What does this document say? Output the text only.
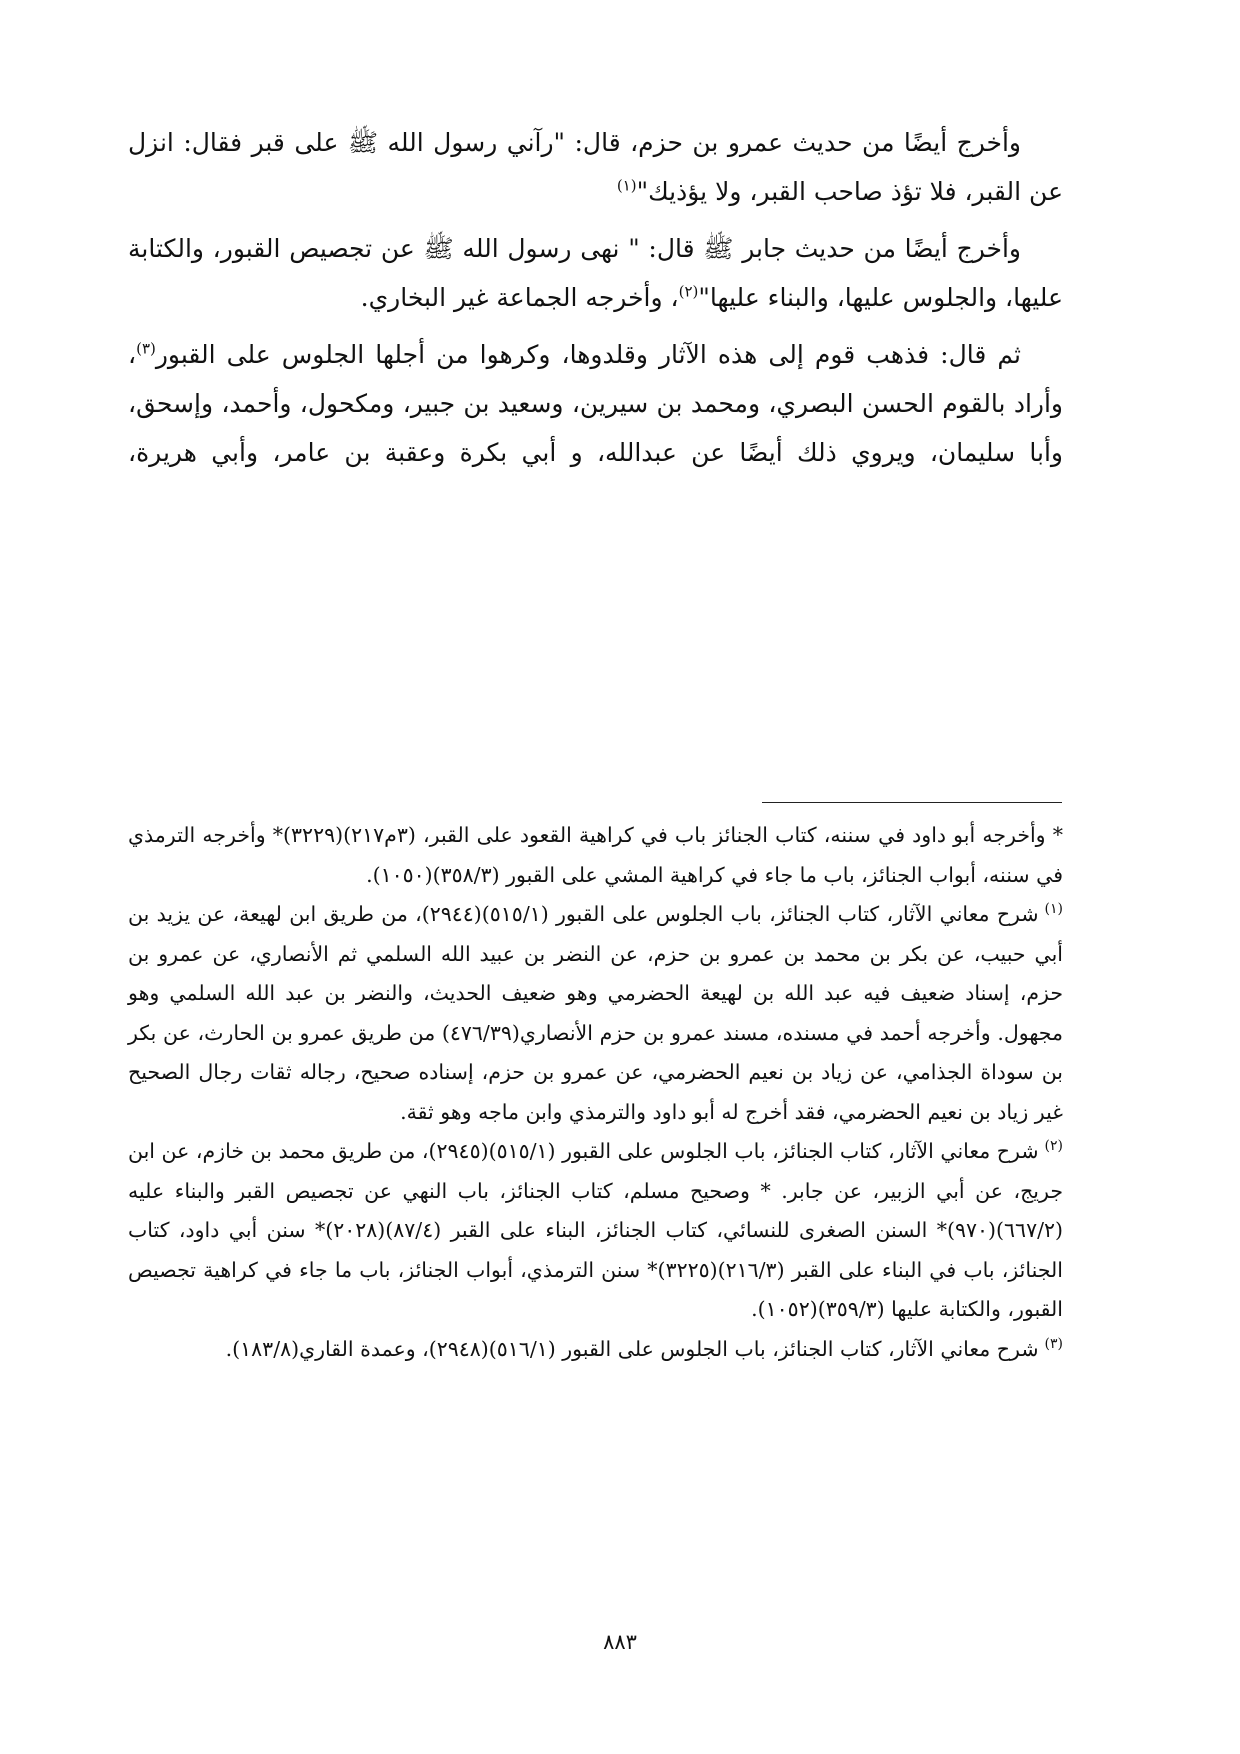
وأخرج أيضًا من حديث عمرو بن حزم، قال: "رآني رسول الله ﷺ على قبر فقال: انزل عن القبر، فلا تؤذ صاحب القبر، ولا يؤذيك"$^{(١)}$

وأخرج أيضًا من حديث جابر ﷺ قال: " نهى رسول الله ﷺ عن تجصيص القبور، والكتابة عليها، والجلوس عليها، والبناء عليها"$^{(٢)}$، وأخرجه الجماعة غير البخاري.

ثم قال: فذهب قوم إلى هذه الآثار وقلدوها، وكرهوا من أجلها الجلوس على القبور$^{(٣)}$، وأراد بالقوم الحسن البصري، ومحمد بن سيرين، وسعيد بن جبير، ومكحول، وأحمد، وإسحق، وأبا سليمان، ويروي ذلك أيضًا عن عبدالله، و أبي بكرة وعقبة بن عامر، وأبي هريرة،

* وأخرجه أبو داود في سننه، كتاب الجنائز باب في كراهية القعود على القبر، (٣م٢١٧)(٣٢٢٩)* وأخرجه الترمذي في سننه، أبواب الجنائز، باب ما جاء في كراهية المشي على القبور (٣٥٨/٣)(١٠٥٠).

$^{(١)}$شرح معاني الآثار، كتاب الجنائز، باب الجلوس على القبور (٥١٥/١)(٢٩٤٤)، من طريق ابن لهيعة، عن يزيد بن أبي حبيب، عن بكر بن محمد بن عمرو بن حزم، عن النضر بن عبيد الله السلمي ثم الأنصاري، عن عمرو بن حزم، إسناد ضعيف فيه عبد الله بن لهيعة الحضرمي وهو ضعيف الحديث، والنضر بن عبد الله السلمي وهو مجهول. وأخرجه أحمد في مسنده، مسند عمرو بن حزم الأنصاري(٤٧٦/٣٩) من طريق عمرو بن الحارث، عن بكر بن سوداة الجذامي، عن زياد بن نعيم الحضرمي، عن عمرو بن حزم، إسناده صحيح، رجاله ثقات رجال الصحيح غير زياد بن نعيم الحضرمي، فقد أخرج له أبو داود والترمذي وابن ماجه وهو ثقة.

$^{(٢)}$شرح معاني الآثار، كتاب الجنائز، باب الجلوس على القبور (٥١٥/١)(٢٩٤٥)، من طريق محمد بن خازم، عن ابن جريج، عن أبي الزبير، عن جابر. * وصحيح مسلم، كتاب الجنائز، باب النهي عن تجصيص القبر والبناء عليه (٦٦٧/٢)(٩٧٠)* السنن الصغرى للنسائي، كتاب الجنائز، البناء على القبر (٨٧/٤)(٢٠٢٨)* سنن أبي داود، كتاب الجنائز، باب في البناء على القبر (٢١٦/٣)(٣٢٢٥)* سنن الترمذي، أبواب الجنائز، باب ما جاء في كراهية تجصيص القبور، والكتابة عليها (٣٥٩/٣)(١٠٥٢).

$^{(٣)}$شرح معاني الآثار، كتاب الجنائز، باب الجلوس على القبور (٥١٦/١)(٢٩٤٨)، وعمدة القاري(١٨٣/٨).

٨٨٣
